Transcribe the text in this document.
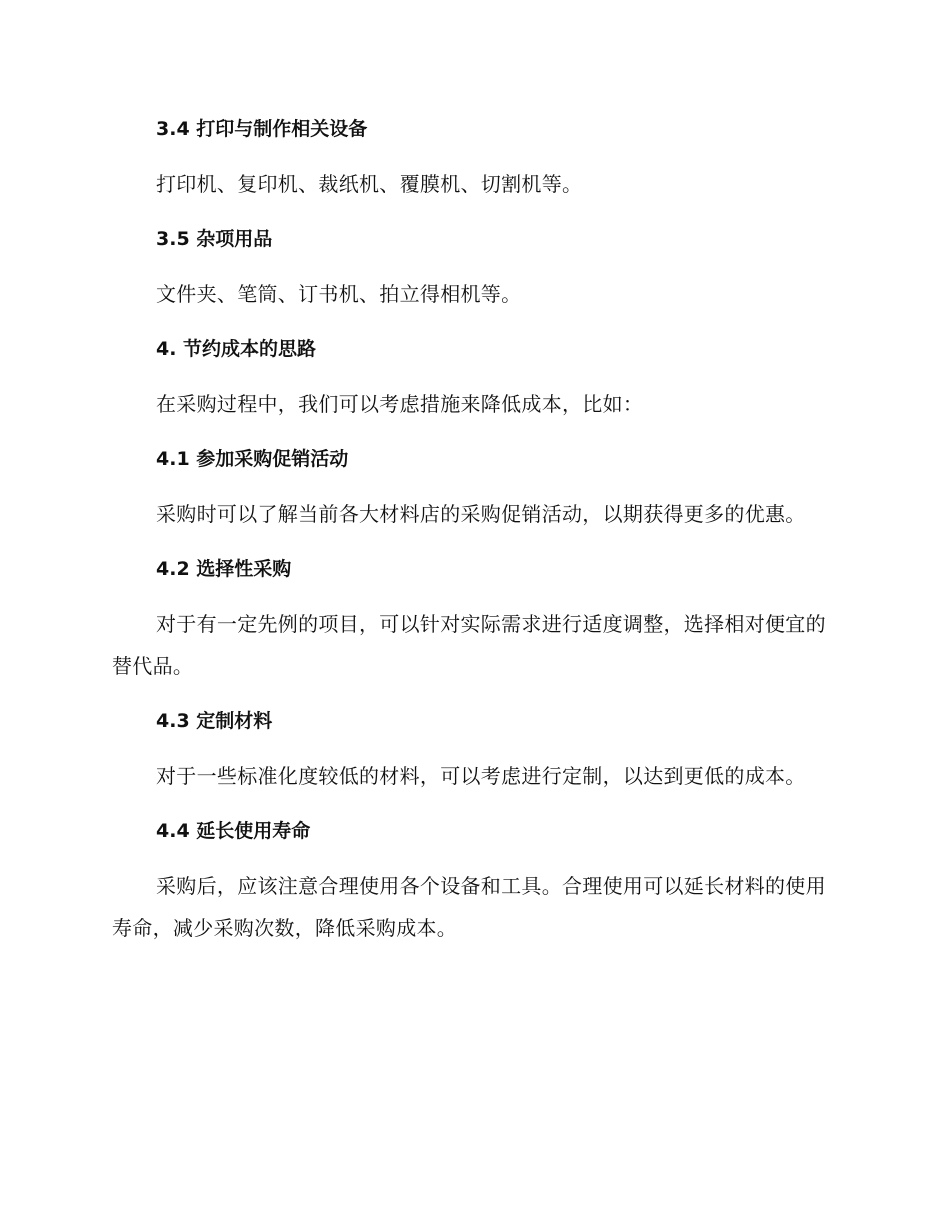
3.4 打印与制作相关设备

打印机、复印机、裁纸机、覆膜机、切割机等。

3.5 杂项用品

文件夹、笔筒、订书机、拍立得相机等。

4. 节约成本的思路

在采购过程中，我们可以考虑措施来降低成本，比如：

4.1 参加采购促销活动

采购时可以了解当前各大材料店的采购促销活动，以期获得更多的优惠。

4.2 选择性采购

对于有一定先例的项目，可以针对实际需求进行适度调整，选择相对便宜的替代品。

4.3 定制材料

对于一些标准化度较低的材料，可以考虑进行定制，以达到更低的成本。

4.4 延长使用寿命

采购后，应该注意合理使用各个设备和工具。合理使用可以延长材料的使用寿命，减少采购次数，降低采购成本。
